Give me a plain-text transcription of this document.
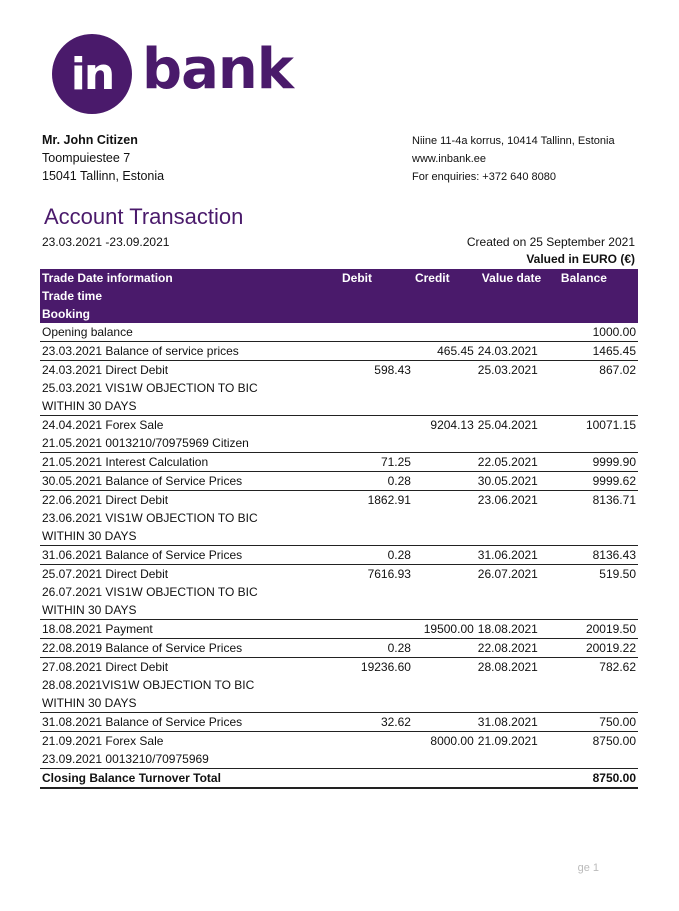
in bank
Mr. John Citizen
Toompuiestee 7
15041 Tallinn, Estonia
Niine 11-4a korrus, 10414 Tallinn, Estonia
www.inbank.ee
For enquiries: +372 640 8080
Account Transaction
23.03.2021 -23.09.2021	Created on 25 September 2021
Valued in EURO (€)
Trade Date information	Debit	Credit	Value date	Balance
Trade time				
Booking				
Opening balance				1000.00
23.03.2021 Balance of service prices		465.45	24.03.2021	1465.45
24.03.2021 Direct Debit	598.43		25.03.2021	867.02
25.03.2021 VIS1W OBJECTION TO BIC				
WITHIN 30 DAYS				
24.04.2021 Forex Sale		9204.13	25.04.2021	10071.15
21.05.2021 0013210/70975969 Citizen				
21.05.2021 Interest Calculation	71.25		22.05.2021	9999.90
30.05.2021 Balance of Service Prices	0.28		30.05.2021	9999.62
22.06.2021 Direct Debit	1862.91		23.06.2021	8136.71
23.06.2021 VIS1W OBJECTION TO BIC				
WITHIN 30 DAYS				
31.06.2021 Balance of Service Prices	0.28		31.06.2021	8136.43
25.07.2021 Direct Debit	7616.93		26.07.2021	519.50
26.07.2021 VIS1W OBJECTION TO BIC				
WITHIN 30 DAYS				
18.08.2021 Payment		19500.00	18.08.2021	20019.50
22.08.2019 Balance of Service Prices	0.28		22.08.2021	20019.22
27.08.2021 Direct Debit	19236.60		28.08.2021	782.62
28.08.2021VIS1W OBJECTION TO BIC				
WITHIN 30 DAYS				
31.08.2021 Balance of Service Prices	32.62		31.08.2021	750.00
21.09.2021 Forex Sale		8000.00	21.09.2021	8750.00
23.09.2021 0013210/70975969				
Closing Balance Turnover Total				8750.00
ge 1
